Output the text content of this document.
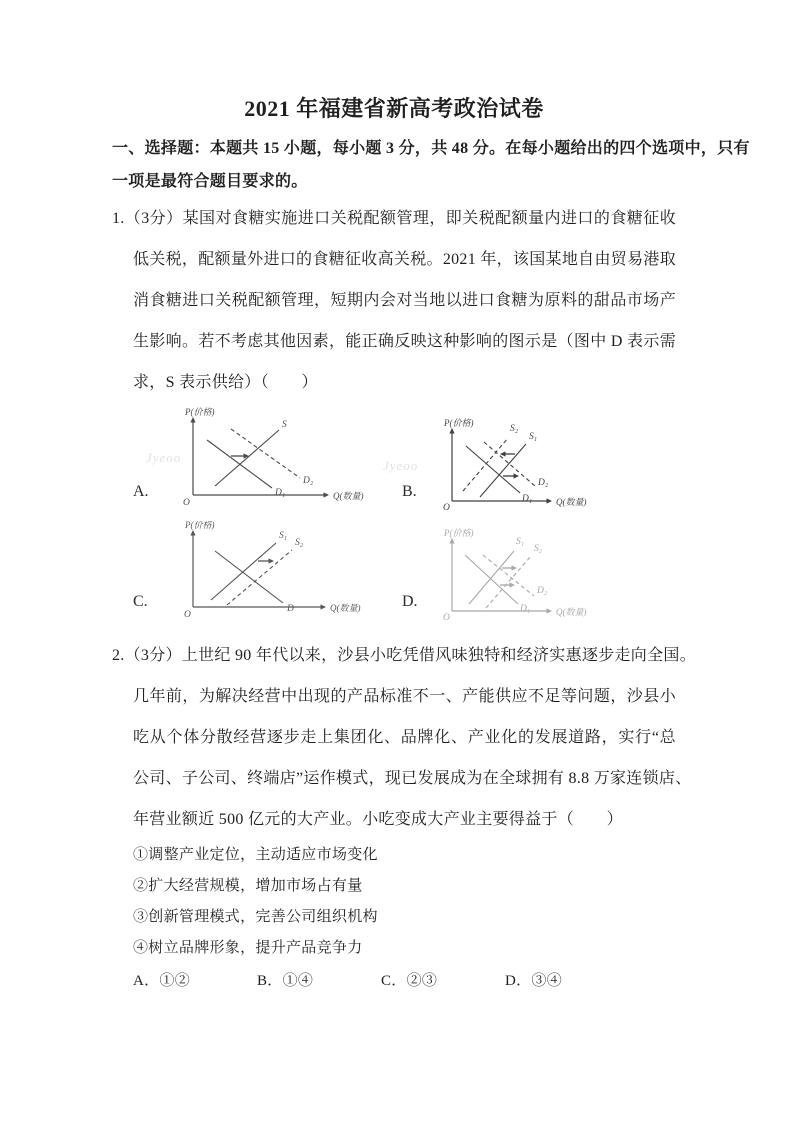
Jyeoo
Jyeoo
2021 年福建省新高考政治试卷
一、选择题：本题共 15 小题，每小题 3 分，共 48 分。在每小题给出的四个选项中，只有
一项是最符合题目要求的。
1.（3分）某国对食糖实施进口关税配额管理，即关税配额量内进口的食糖征收
低关税，配额量外进口的食糖征收高关税。2021 年，该国某地自由贸易港取
消食糖进口关税配额管理，短期内会对当地以进口食糖为原料的甜品市场产
生影响。若不考虑其他因素，能正确反映这种影响的图示是（图中 D 表示需
求，S 表示供给）（　　）
A.
P(价格)
Q(数量)
O
S
D₁
D₂
B.
P(价格)
Q(数量)
O
S₂
S₁
D₁
D₂
C.
P(价格)
Q(数量)
O
S₁
S₂
D	D.
P(价格)
Q(数量)
O
S₁
S₂
D₁
D₂
2.（3分）上世纪 90 年代以来，沙县小吃凭借风味独特和经济实惠逐步走向全国。
几年前，为解决经营中出现的产品标准不一、产能供应不足等问题，沙县小
吃从个体分散经营逐步走上集团化、品牌化、产业化的发展道路，实行“总
公司、子公司、终端店”运作模式，现已发展成为在全球拥有 8.8 万家连锁店、
年营业额近 500 亿元的大产业。小吃变成大产业主要得益于（　　）
①调整产业定位，主动适应市场变化
②扩大经营规模，增加市场占有量
③创新管理模式，完善公司组织机构
④树立品牌形象，提升产品竞争力
A．①②	B．①④	C．②③	D．③④
